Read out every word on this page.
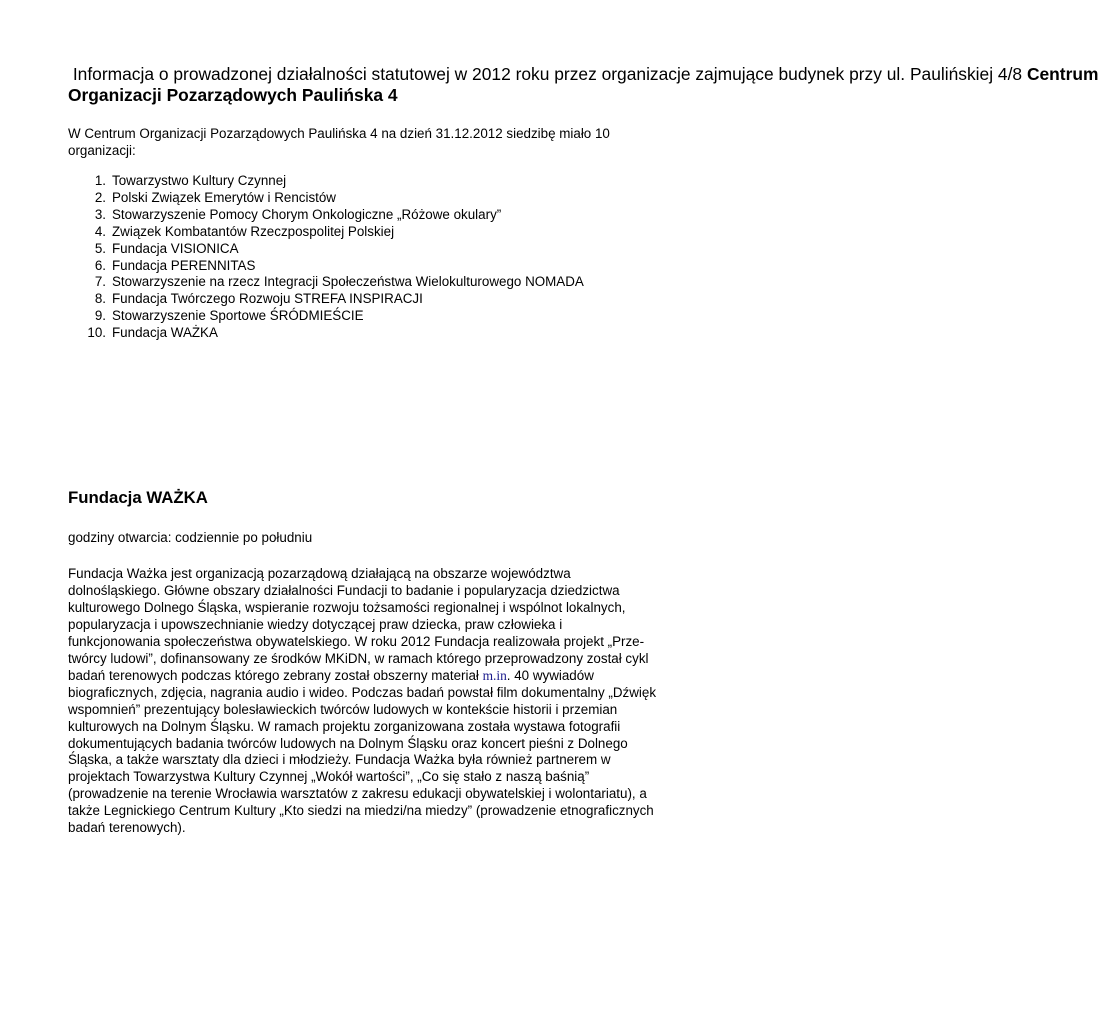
Informacja o prowadzonej działalności statutowej w 2012 roku przez organizacje zajmujące budynek przy ul. Paulińskiej 4/8 Centrum Organizacji Pozarządowych Paulińska 4

W Centrum Organizacji Pozarządowych Paulińska 4 na dzień 31.12.2012 siedzibę miało 10 organizacji:

1. Towarzystwo Kultury Czynnej
2. Polski Związek Emerytów i Rencistów
3. Stowarzyszenie Pomocy Chorym Onkologiczne „Różowe okulary”
4. Związek Kombatantów Rzeczpospolitej Polskiej
5. Fundacja VISIONICA
6. Fundacja PERENNITAS
7. Stowarzyszenie na rzecz Integracji Społeczeństwa Wielokulturowego NOMADA
8. Fundacja Twórczego Rozwoju STREFA INSPIRACJI
9. Stowarzyszenie Sportowe ŚRÓDMIEŚCIE
10. Fundacja WAŻKA
Fundacja WAŻKA

godziny otwarcia: codziennie po południu

Fundacja Ważka jest organizacją pozarządową działającą na obszarze województwa dolnośląskiego. Główne obszary działalności Fundacji to badanie i popularyzacja dziedzictwa kulturowego Dolnego Śląska, wspieranie rozwoju tożsamości regionalnej i wspólnot lokalnych, popularyzacja i upowszechnianie wiedzy dotyczącej praw dziecka, praw człowieka i funkcjonowania społeczeństwa obywatelskiego. W roku 2012 Fundacja realizowała projekt „Prze-twórcy ludowi”, dofinansowany ze środków MKiDN, w ramach którego przeprowadzony został cykl badań terenowych podczas którego zebrany został obszerny materiał m.in. 40 wywiadów biograficznych, zdjęcia, nagrania audio i wideo. Podczas badań powstał film dokumentalny „Dźwięk wspomnień” prezentujący bolesławieckich twórców ludowych w kontekście historii i przemian kulturowych na Dolnym Śląsku. W ramach projektu zorganizowana została wystawa fotografii dokumentujących badania twórców ludowych na Dolnym Śląsku oraz koncert pieśni z Dolnego Śląska, a także warsztaty dla dzieci i młodzieży. Fundacja Ważka była również partnerem w projektach Towarzystwa Kultury Czynnej „Wokół wartości”, „Co się stało z naszą baśnią” (prowadzenie na terenie Wrocławia warsztatów z zakresu edukacji obywatelskiej i wolontariatu), a także Legnickiego Centrum Kultury „Kto siedzi na miedzi/na miedzy” (prowadzenie etnograficznych badań terenowych).
